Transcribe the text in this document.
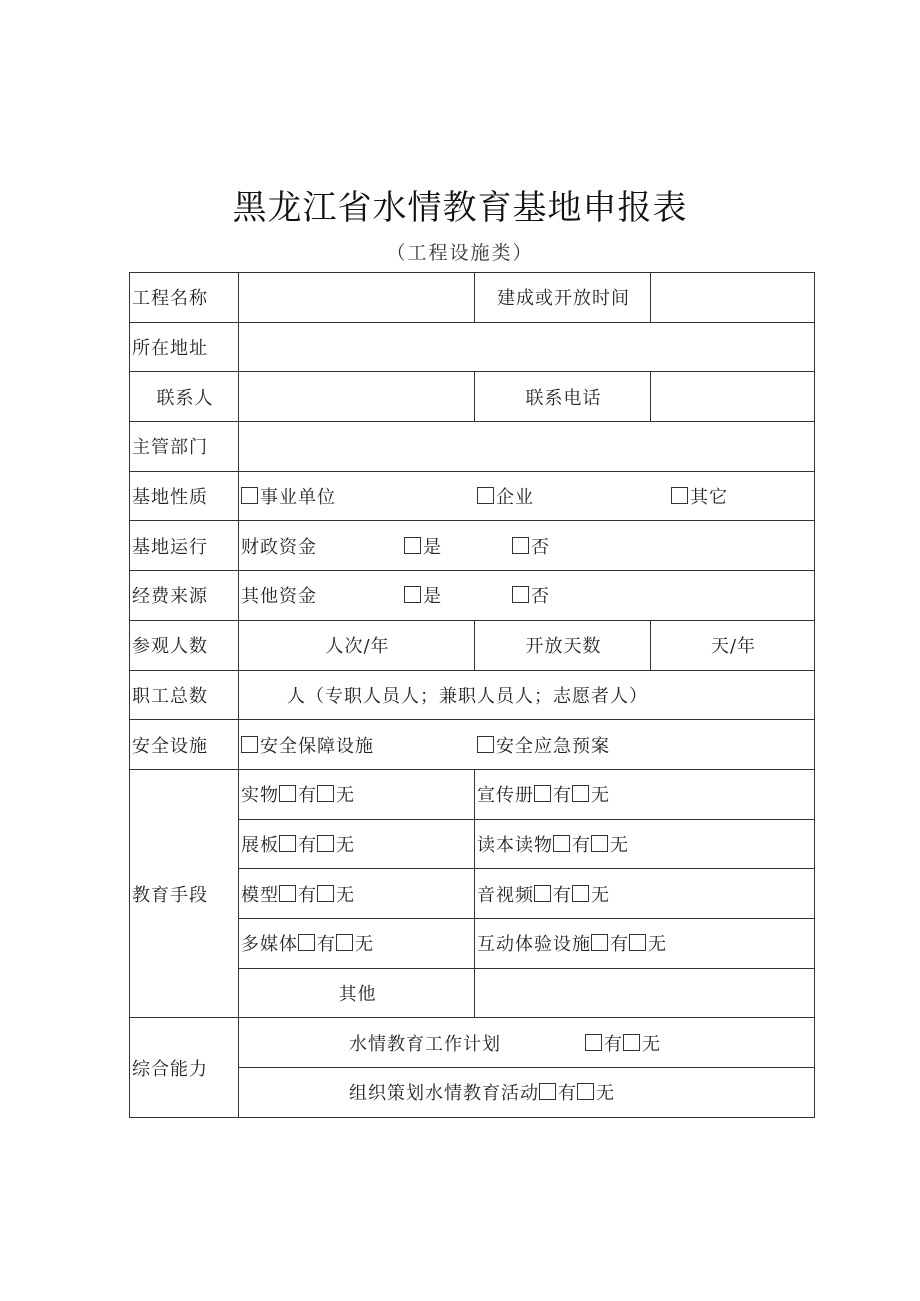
黑龙江省水情教育基地申报表
（工程设施类）
工程名称		建成或开放时间	
所在地址			
联系人		联系电话	
主管部门			
基地性质	事业单位 企业 其它		
基地运行	财政资金 是 否		
经费来源	其他资金 是 否		
参观人数	人次/年	开放天数	天/年
职工总数	人（专职人员人；兼职人员人；志愿者人）		
安全设施	安全保障设施 安全应急预案		
教育手段	实物 有 无	宣传册 有 无	
	展板 有 无	读本读物 有 无	
	模型 有 无	音视频 有 无	
	多媒体 有 无	互动体验设施 有 无	
	其他		
综合能力	水情教育工作计划 有 无		
	组织策划水情教育活动 有 无		
